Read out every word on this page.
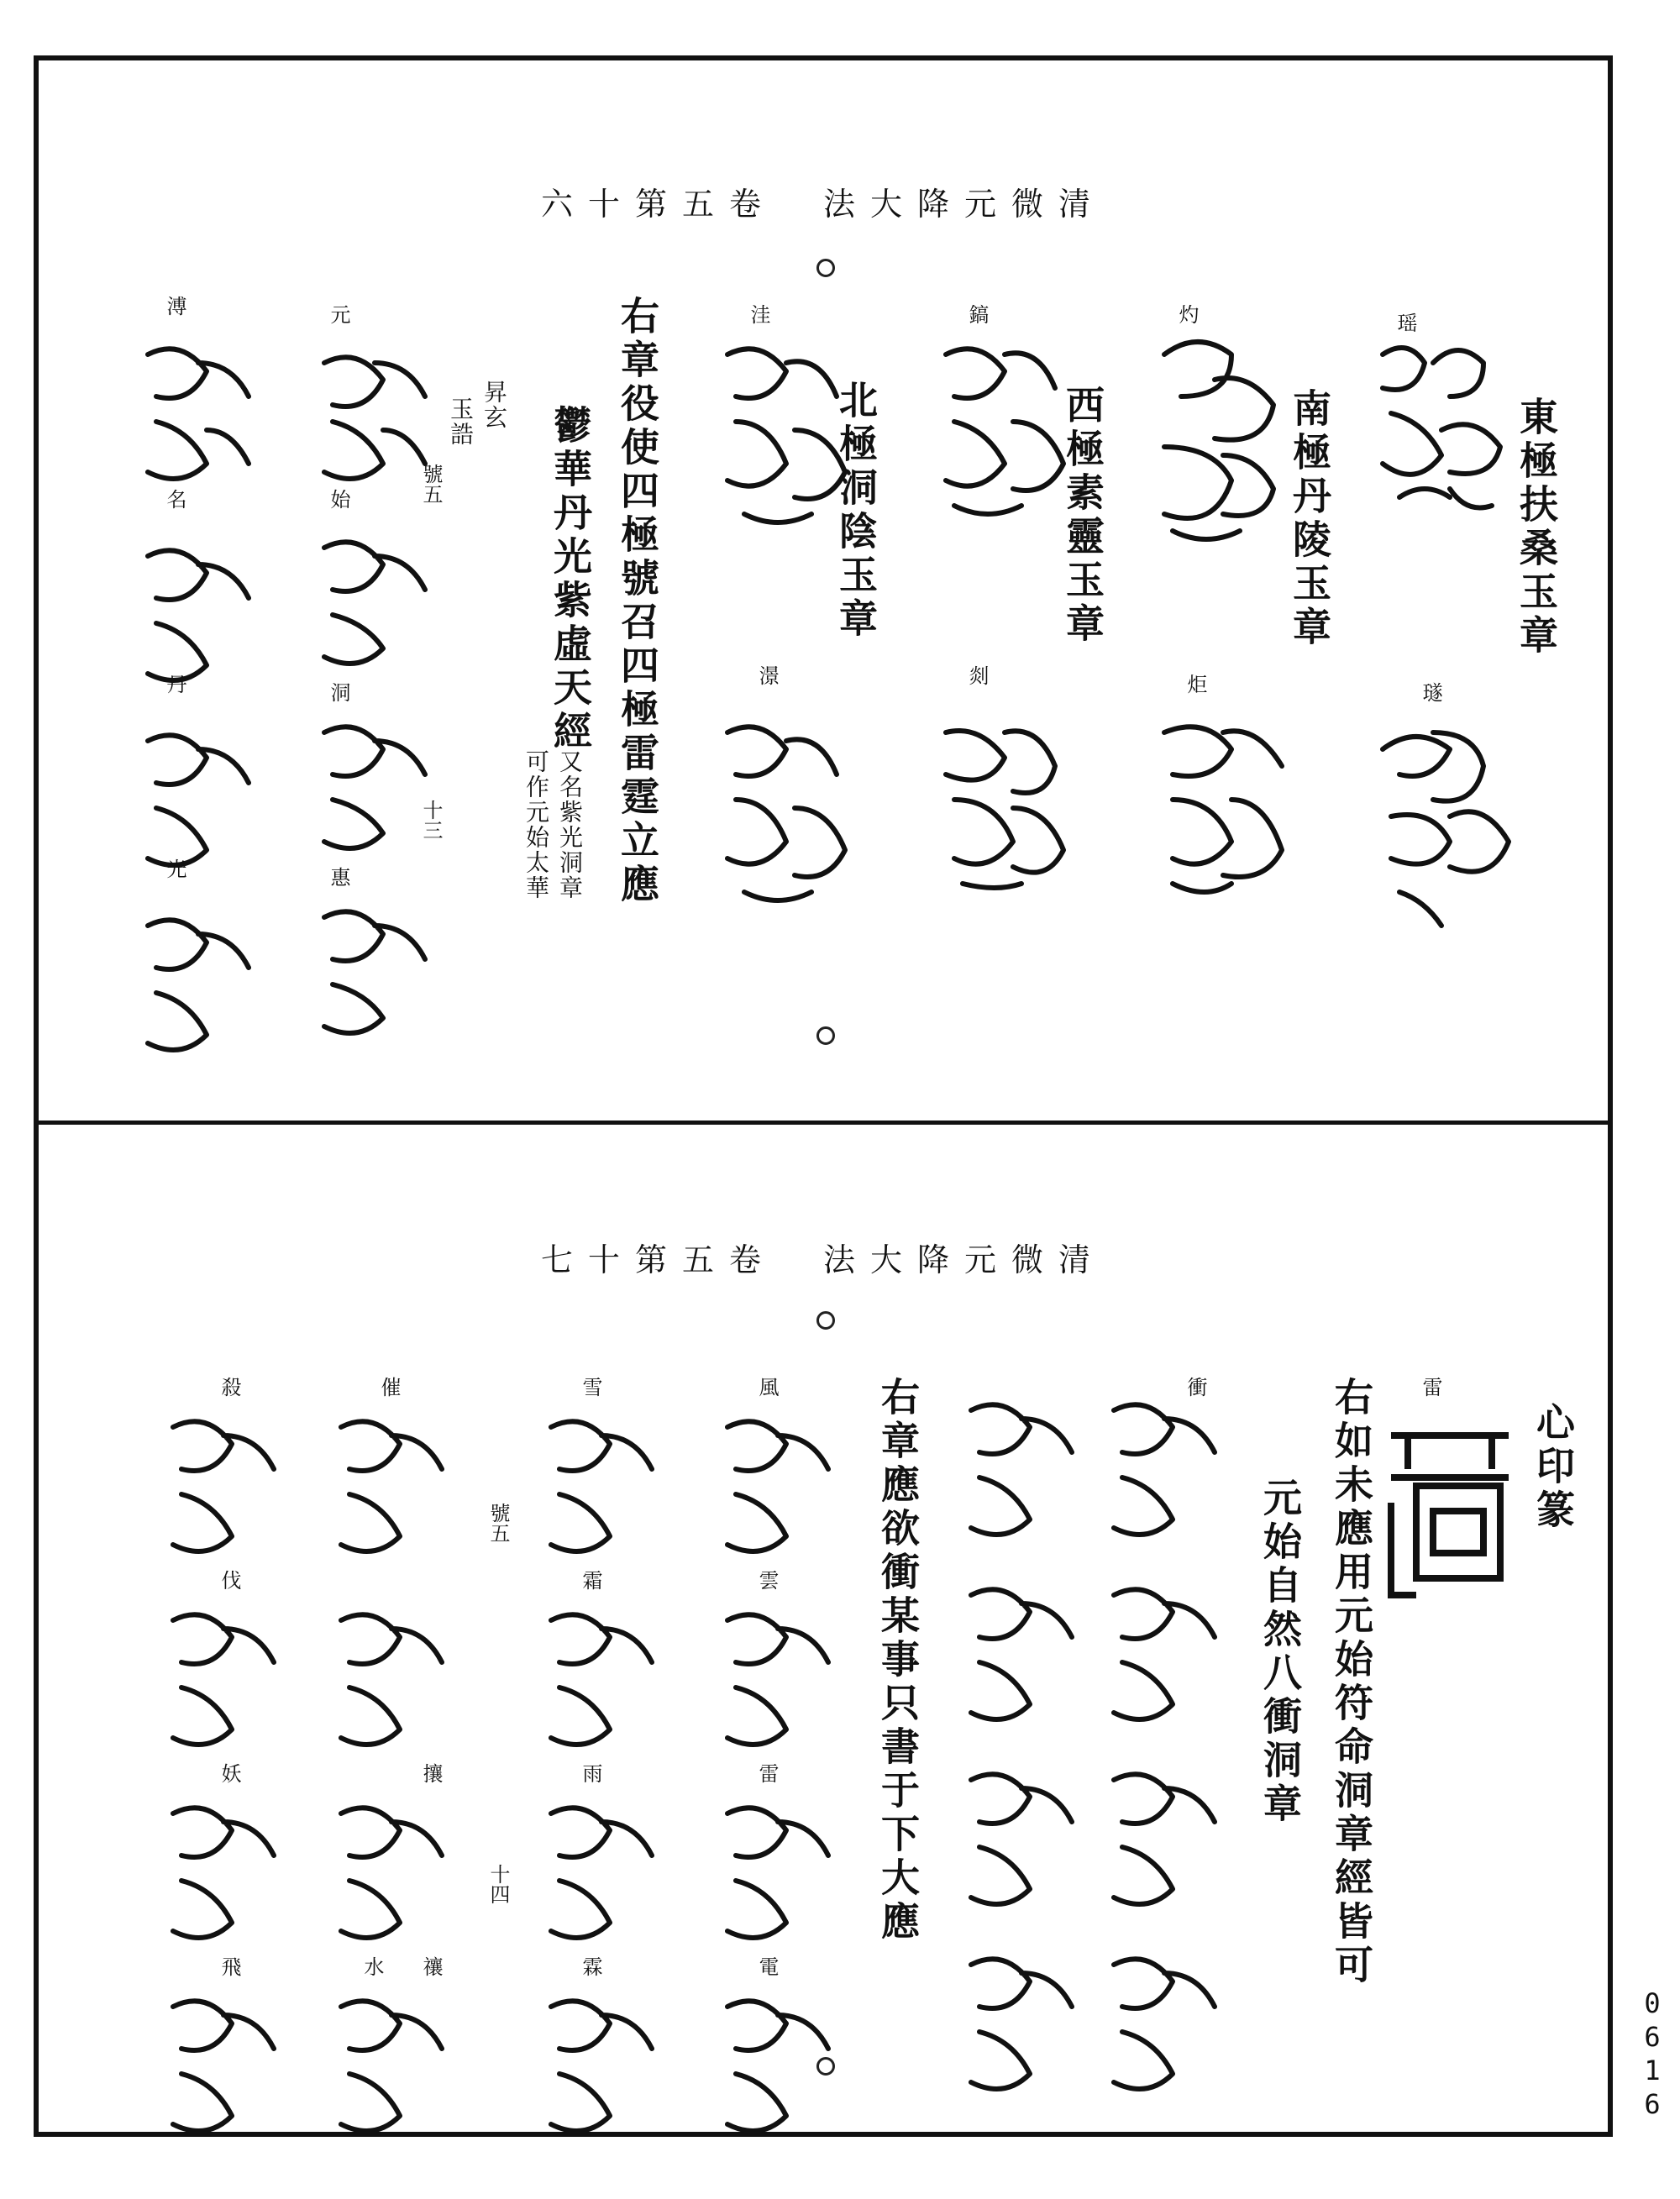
六十第五卷　法大降元微清
東極扶桑玉章
南極丹陵玉章
西極素靈玉章
北極洞陰玉章
右章役使四極號召四極雷霆立應
鬱華丹光紫虛天經
又名紫光洞章
可作元始太華
昇玄
玉誥
號五
十三
瑶
璲
灼
炬
鎬
剡
洼
澋
元
始
洞
惠
溥
名
丹
光
七十第五卷　法大降元微清
心印篆
雷
右如未應用元始符命洞章經皆可
元始自然八衝洞章
右章應欲衝某事只書于下大應
號五
十四
衝
風
雲
雷
電
雪
霜
雨
霖
催
攘
禳
水
殺
伐
妖
飛
0616
